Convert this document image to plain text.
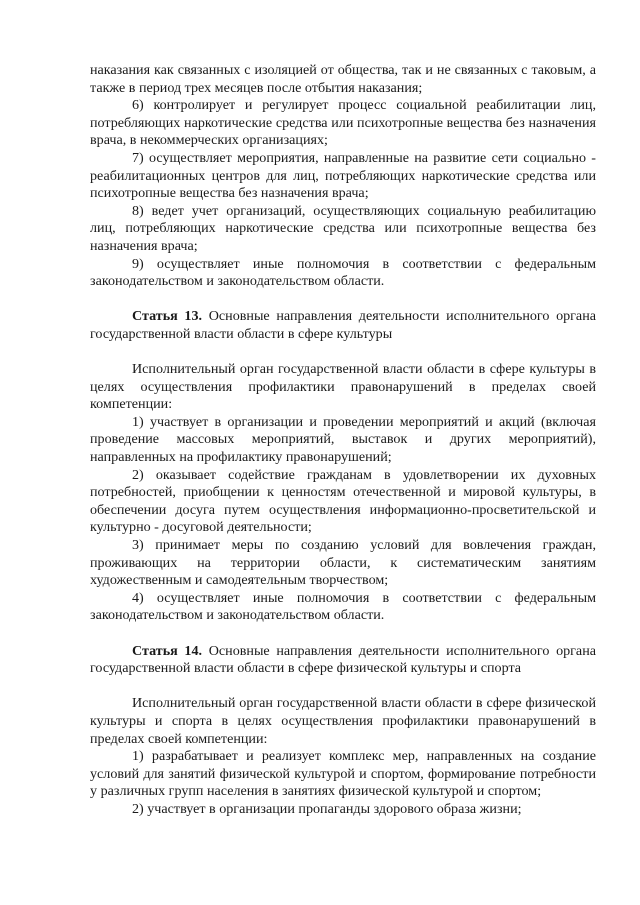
наказания как связанных с изоляцией от общества, так и не связанных с таковым, а также в период трех месяцев после отбытия наказания;

6) контролирует и регулирует процесс социальной реабилитации лиц, потребляющих наркотические средства или психотропные вещества без назначения врача, в некоммерческих организациях;

7) осуществляет мероприятия, направленные на развитие сети социально - реабилитационных центров для лиц, потребляющих наркотические средства или психотропные вещества без назначения врача;

8) ведет учет организаций, осуществляющих социальную реабилитацию лиц, потребляющих наркотические средства или психотропные вещества без назначения врача;

9) осуществляет иные полномочия в соответствии с федеральным законодательством и законодательством области.

Статья 13. Основные направления деятельности исполнительного органа государственной власти области в сфере культуры

Исполнительный орган государственной власти области в сфере культуры в целях осуществления профилактики правонарушений в пределах своей компетенции:

1) участвует в организации и проведении мероприятий и акций (включая проведение массовых мероприятий, выставок и других мероприятий), направленных на профилактику правонарушений;

2) оказывает содействие гражданам в удовлетворении их духовных потребностей, приобщении к ценностям отечественной и мировой культуры, в обеспечении досуга путем осуществления информационно-просветительской и культурно - досуговой деятельности;

3) принимает меры по созданию условий для вовлечения граждан, проживающих на территории области, к систематическим занятиям художественным и самодеятельным творчеством;

4) осуществляет иные полномочия в соответствии с федеральным законодательством и законодательством области.

Статья 14. Основные направления деятельности исполнительного органа государственной власти области в сфере физической культуры и спорта

Исполнительный орган государственной власти области в сфере физической культуры и спорта в целях осуществления профилактики правонарушений в пределах своей компетенции:

1) разрабатывает и реализует комплекс мер, направленных на создание условий для занятий физической культурой и спортом, формирование потребности у различных групп населения в занятиях физической культурой и спортом;

2) участвует в организации пропаганды здорового образа жизни;
